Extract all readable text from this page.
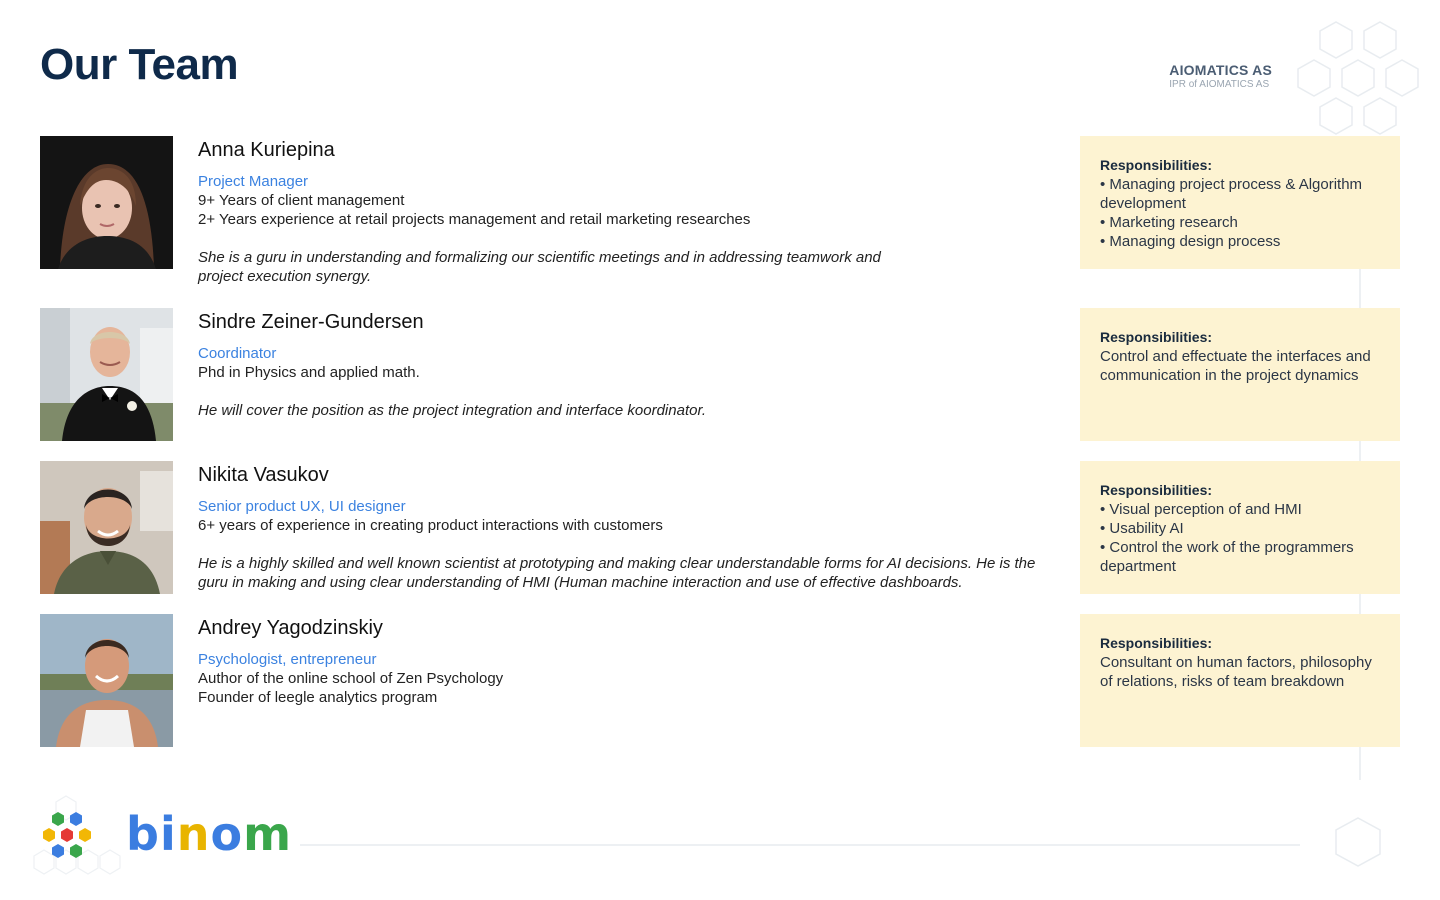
Our Team	AIOMATICS AS
IPR of AIOMATICS AS
Anna Kuriepina
Project Manager
9+ Years of client management
2+ Years experience at retail projects management and retail marketing researches
She is a guru in understanding and formalizing our scientific meetings and in addressing teamwork and project execution synergy.
Responsibilities:
• Managing project process & Algorithm development
• Marketing research
• Managing design process
Sindre Zeiner-Gundersen
Coordinator
Phd in Physics and applied math.
He will cover the position as the project integration and interface koordinator.
Responsibilities:
Control and effectuate the interfaces and communication in the project dynamics
Nikita Vasukov
Senior product UX, UI designer
6+ years of experience in creating product interactions with customers
He is a highly skilled and well known scientist at prototyping and making clear understandable forms for AI decisions. He is the guru in making and using clear understanding of HMI (Human machine interaction and use of effective dashboards.
Responsibilities:
• Visual perception of and HMI
• Usability AI
• Control the work of the programmers department
Andrey Yagodzinskiy
Psychologist, entrepreneur
Author of the online school of Zen Psychology
Founder of leegle analytics program
Responsibilities:
Consultant on human factors, philosophy of relations, risks of team breakdown
binom
